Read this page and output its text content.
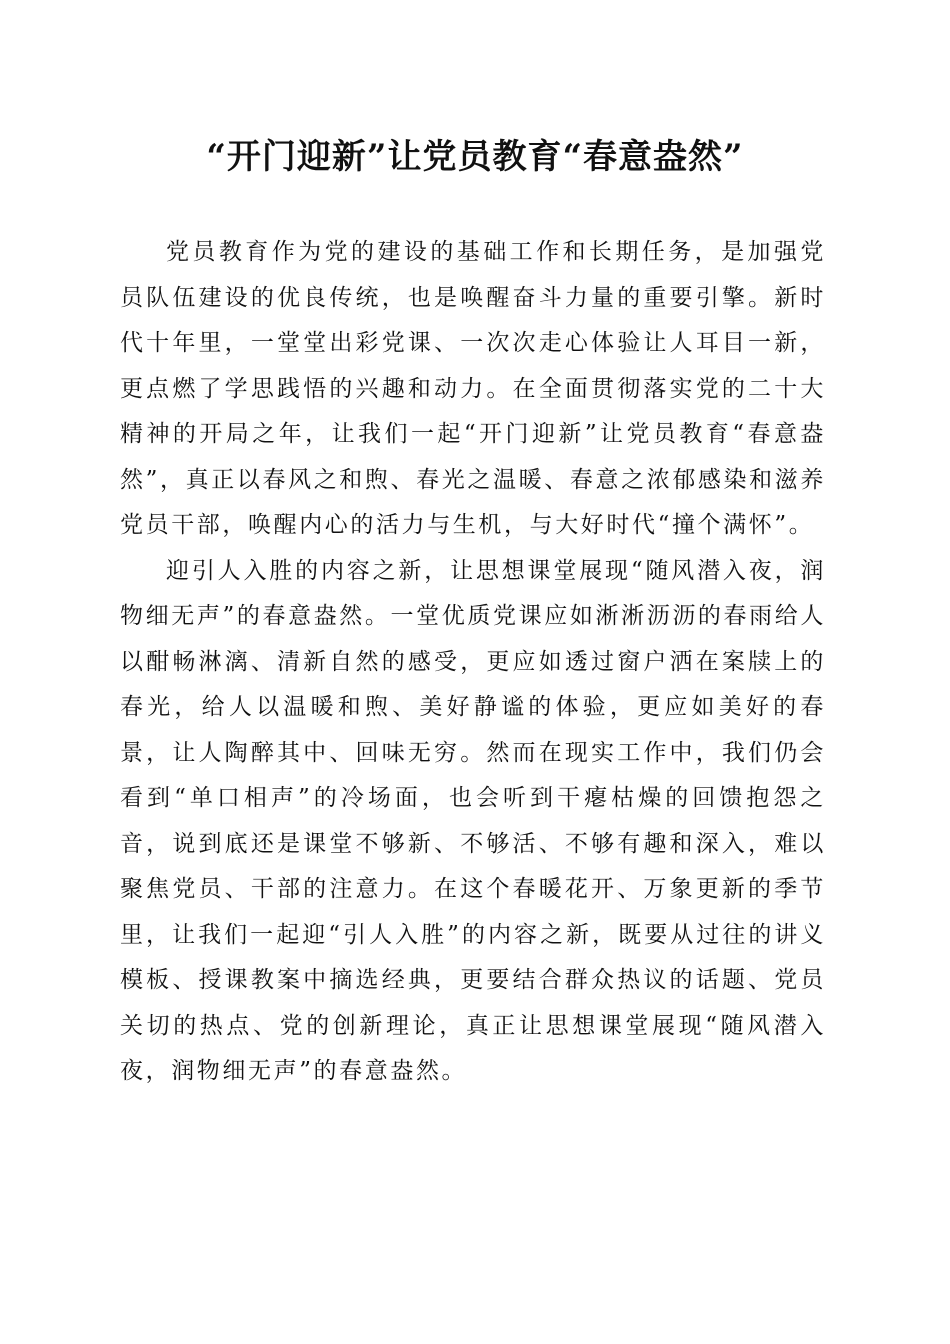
“开门迎新”让党员教育“春意盎然”

党员教育作为党的建设的基础工作和长期任务，是加强党员队伍建设的优良传统，也是唤醒奋斗力量的重要引擎。新时代十年里，一堂堂出彩党课、一次次走心体验让人耳目一新，更点燃了学思践悟的兴趣和动力。在全面贯彻落实党的二十大精神的开局之年，让我们一起“开门迎新”让党员教育“春意盎然”，真正以春风之和煦、春光之温暖、春意之浓郁感染和滋养党员干部，唤醒内心的活力与生机，与大好时代“撞个满怀”。

迎引人入胜的内容之新，让思想课堂展现“随风潜入夜，润物细无声”的春意盎然。一堂优质党课应如淅淅沥沥的春雨给人以酣畅淋漓、清新自然的感受，更应如透过窗户洒在案牍上的春光，给人以温暖和煦、美好静谧的体验，更应如美好的春景，让人陶醉其中、回味无穷。然而在现实工作中，我们仍会看到“单口相声”的冷场面，也会听到干瘪枯燥的回馈抱怨之音，说到底还是课堂不够新、不够活、不够有趣和深入，难以聚焦党员、干部的注意力。在这个春暖花开、万象更新的季节里，让我们一起迎“引人入胜”的内容之新，既要从过往的讲义模板、授课教案中摘选经典，更要结合群众热议的话题、党员关切的热点、党的创新理论，真正让思想课堂展现“随风潜入夜，润物细无声”的春意盎然。
